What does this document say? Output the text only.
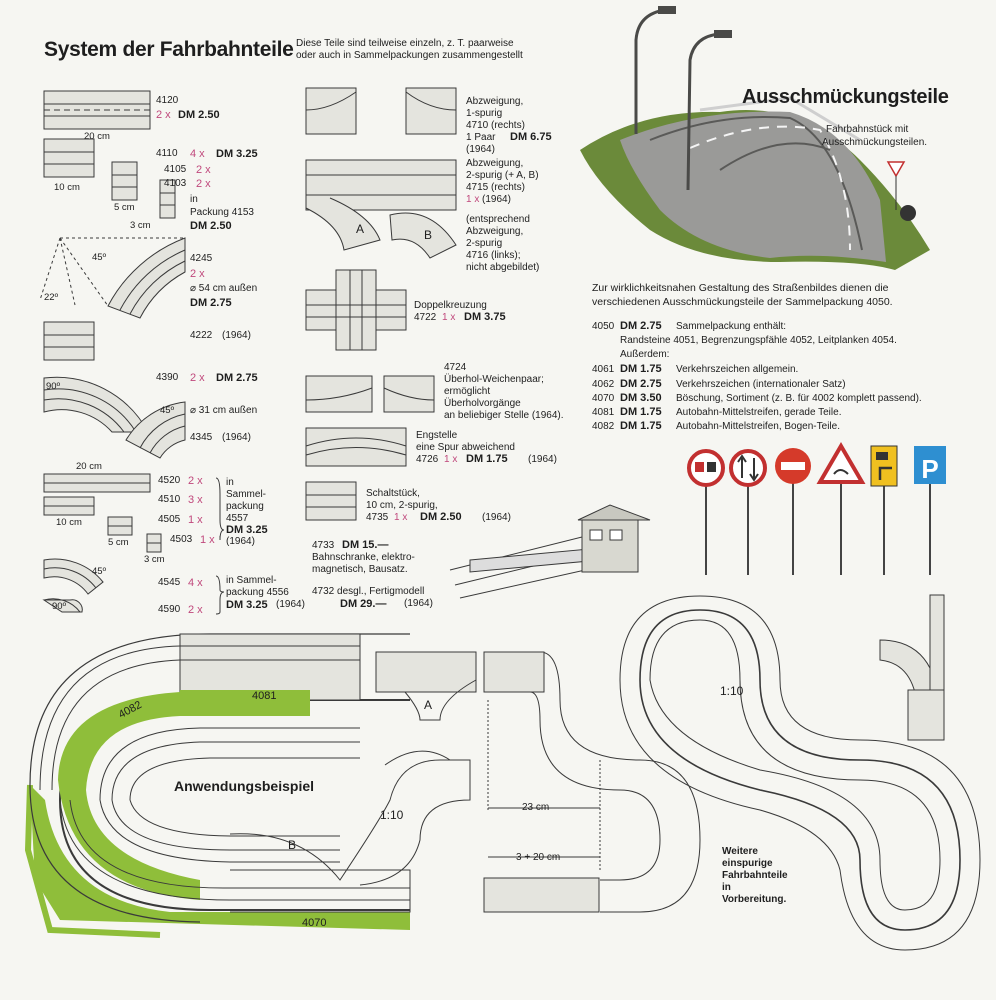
P
System der Fahrbahnteile Diese Teile sind teilweise einzeln, z. T. paarweise
oder auch in Sammelpackungen zusammengestellt
Ausschmückungsteile
Fahrbahnstück mit
Ausschmückungsteilen.
4120
2 x DM 2.50
20 cm
4110 4 x DM 3.25
10 cm
4105 2 x
5 cm
4103 2 x
3 cm
in
Packung 4153
DM 2.50
45º
22º
4245
2 x
⌀ 54 cm außen
DM 2.75
4222 (1964)
90º
4390 2 x DM 2.75
45º ⌀ 31 cm außen
4345 (1964)
20 cm
4520 2 x
4510 3 x
10 cm	4505 1 x
5 cm	4503 1 x
3 cm
in
Sammel-
packung
4557
DM 3.25
(1964)
45º
4545 4 x
90º	4590 2 x
in Sammel-
packung 4556
DM 3.25 (1964)
Abzweigung,
1-spurig
4710 (rechts)
1 Paar DM 6.75
(1964)
Abzweigung,
2-spurig (+ A, B)
4715 (rechts)
1 x (1964)
(entsprechend
Abzweigung,
2-spurig
4716 (links);
nicht abgebildet)
A	B
Doppelkreuzung
4722 1 x DM 3.75
4724
Überhol-Weichenpaar;
ermöglicht
Überholvorgänge
an beliebiger Stelle (1964).
Engstelle
eine Spur abweichend
4726 1 x DM 1.75 (1964)
Schaltstück,
10 cm, 2-spurig,
4735 1 x DM 2.50 (1964)
4733 DM 15.—
Bahnschranke, elektro-
magnetisch, Bausatz.
4732 desgl., Fertigmodell
DM 29.— (1964)
Zur wirklichkeitsnahen Gestaltung des Straßenbildes dienen die
verschiedenen Ausschmückungsteile der Sammelpackung 4050.
4050 DM 2.75 Sammelpackung enthält:
Randsteine 4051, Begrenzungspfähle 4052, Leitplanken 4054.
Außerdem:
4061 DM 1.75 Verkehrszeichen allgemein.
4062 DM 2.75 Verkehrszeichen (internationaler Satz)
4070 DM 3.50 Böschung, Sortiment (z. B. für 4002 komplett passend).
4081 DM 1.75 Autobahn-Mittelstreifen, gerade Teile.
4082 DM 1.75 Autobahn-Mittelstreifen, Bogen-Teile.
Anwendungsbeispiel
1:10
1:10
23 cm
3 + 20 cm
4082
4081
4070
A
B	Weitere
einspurige
Fahrbahnteile
in
Vorbereitung.
